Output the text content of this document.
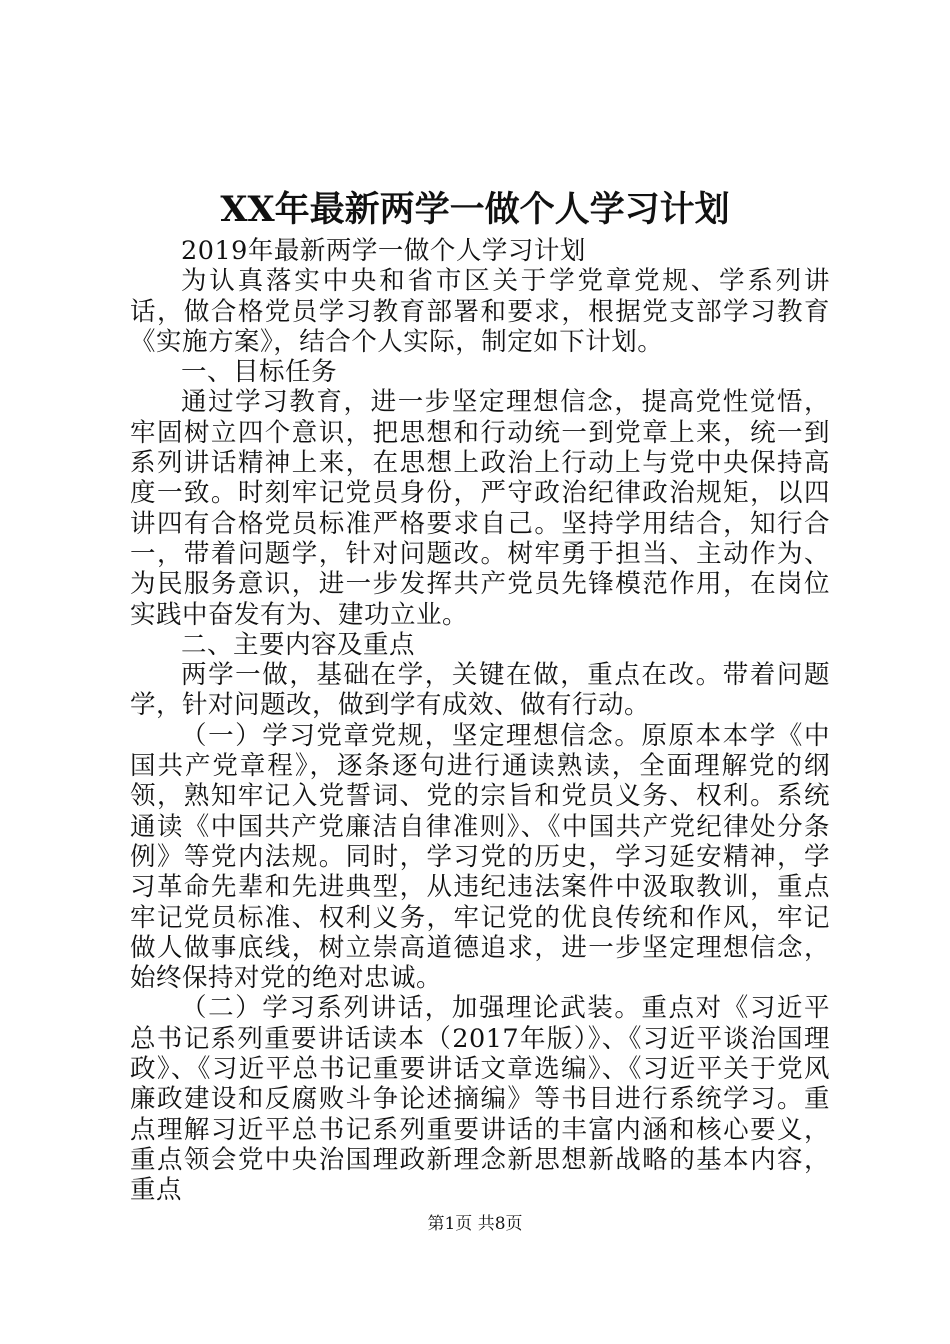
XX年最新两学一做个人学习计划

2019年最新两学一做个人学习计划

为认真落实中央和省市区关于学党章党规、学系列讲话，做合格党员学习教育部署和要求，根据党支部学习教育《实施方案》，结合个人实际，制定如下计划。

一、目标任务

通过学习教育，进一步坚定理想信念，提高党性觉悟，牢固树立四个意识，把思想和行动统一到党章上来，统一到系列讲话精神上来，在思想上政治上行动上与党中央保持高度一致。时刻牢记党员身份，严守政治纪律政治规矩，以四讲四有合格党员标准严格要求自己。坚持学用结合，知行合一，带着问题学，针对问题改。树牢勇于担当、主动作为、为民服务意识，进一步发挥共产党员先锋模范作用，在岗位实践中奋发有为、建功立业。

二、主要内容及重点

两学一做，基础在学，关键在做，重点在改。带着问题学，针对问题改，做到学有成效、做有行动。

（一）学习党章党规，坚定理想信念。原原本本学《中国共产党章程》，逐条逐句进行通读熟读，全面理解党的纲领，熟知牢记入党誓词、党的宗旨和党员义务、权利。系统通读《中国共产党廉洁自律准则》、《中国共产党纪律处分条例》等党内法规。同时，学习党的历史，学习延安精神，学习革命先辈和先进典型，从违纪违法案件中汲取教训，重点牢记党员标准、权利义务，牢记党的优良传统和作风，牢记做人做事底线，树立崇高道德追求，进一步坚定理想信念，始终保持对党的绝对忠诚。

（二）学习系列讲话，加强理论武装。重点对《习近平总书记系列重要讲话读本（2017年版）》、《习近平谈治国理政》、《习近平总书记重要讲话文章选编》、《习近平关于党风廉政建设和反腐败斗争论述摘编》等书目进行系统学习。重点理解习近平总书记系列重要讲话的丰富内涵和核心要义，重点领会党中央治国理政新理念新思想新战略的基本内容，重点

第1页 共8页
